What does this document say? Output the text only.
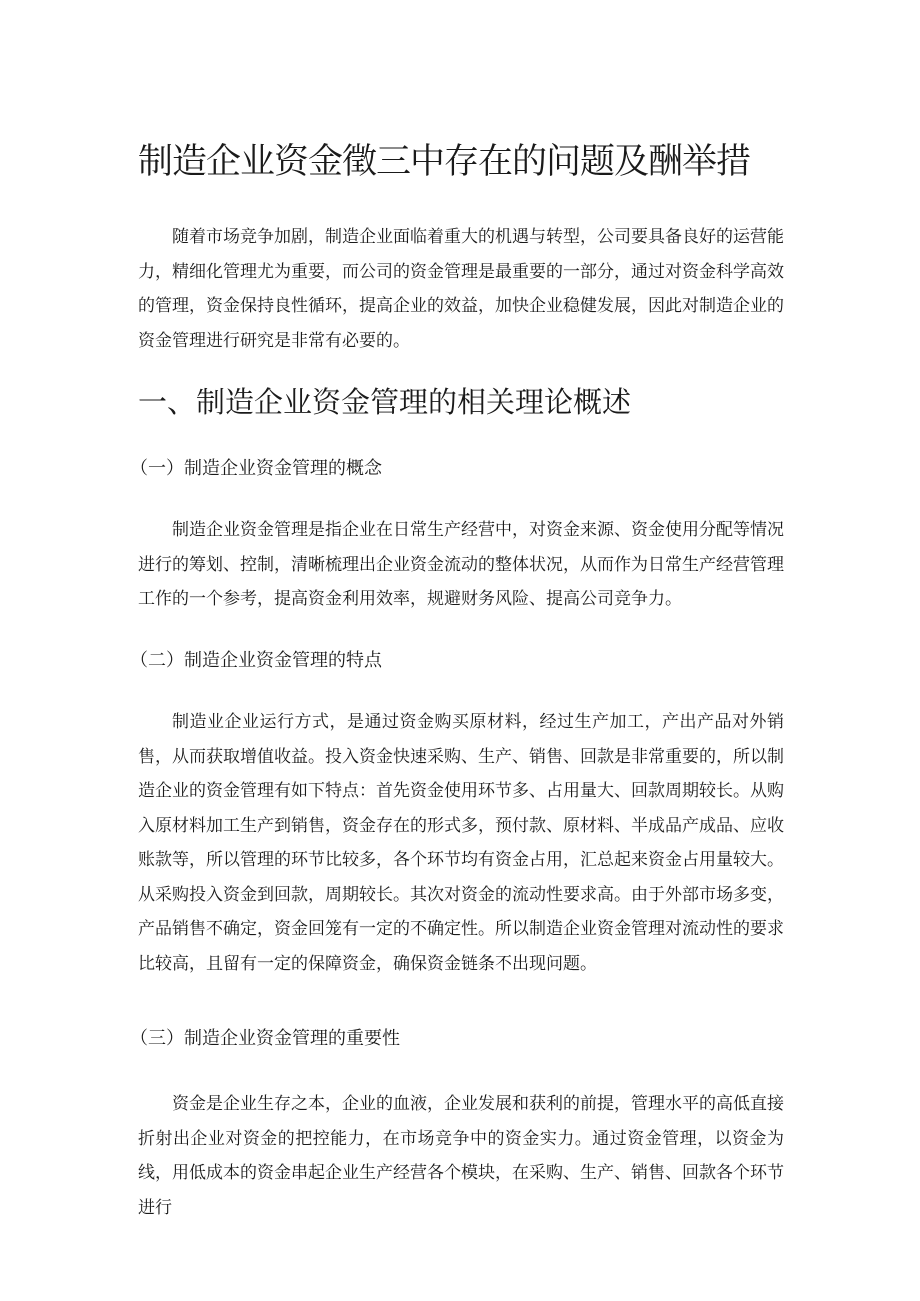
制造企业资金徵三中存在的问题及酬举措

随着市场竞争加剧，制造企业面临着重大的机遇与转型，公司要具备良好的运营能力，精细化管理尤为重要，而公司的资金管理是最重要的一部分，通过对资金科学高效的管理，资金保持良性循环，提高企业的效益，加快企业稳健发展，因此对制造企业的资金管理进行研究是非常有必要的。

一、制造企业资金管理的相关理论概述
（一）制造企业资金管理的概念

制造企业资金管理是指企业在日常生产经营中，对资金来源、资金使用分配等情况进行的筹划、控制，清晰梳理出企业资金流动的整体状况，从而作为日常生产经营管理工作的一个参考，提高资金利用效率，规避财务风险、提高公司竞争力。

（二）制造企业资金管理的特点

制造业企业运行方式，是通过资金购买原材料，经过生产加工，产出产品对外销售，从而获取增值收益。投入资金快速采购、生产、销售、回款是非常重要的，所以制造企业的资金管理有如下特点：首先资金使用环节多、占用量大、回款周期较长。从购入原材料加工生产到销售，资金存在的形式多，预付款、原材料、半成品产成品、应收账款等，所以管理的环节比较多，各个环节均有资金占用，汇总起来资金占用量较大。从采购投入资金到回款，周期较长。其次对资金的流动性要求高。由于外部市场多变，产品销售不确定，资金回笼有一定的不确定性。所以制造企业资金管理对流动性的要求比较高，且留有一定的保障资金，确保资金链条不出现问题。

（三）制造企业资金管理的重要性

资金是企业生存之本，企业的血液，企业发展和获利的前提，管理水平的高低直接折射出企业对资金的把控能力，在市场竞争中的资金实力。通过资金管理，以资金为线，用低成本的资金串起企业生产经营各个模块，在采购、生产、销售、回款各个环节进行
